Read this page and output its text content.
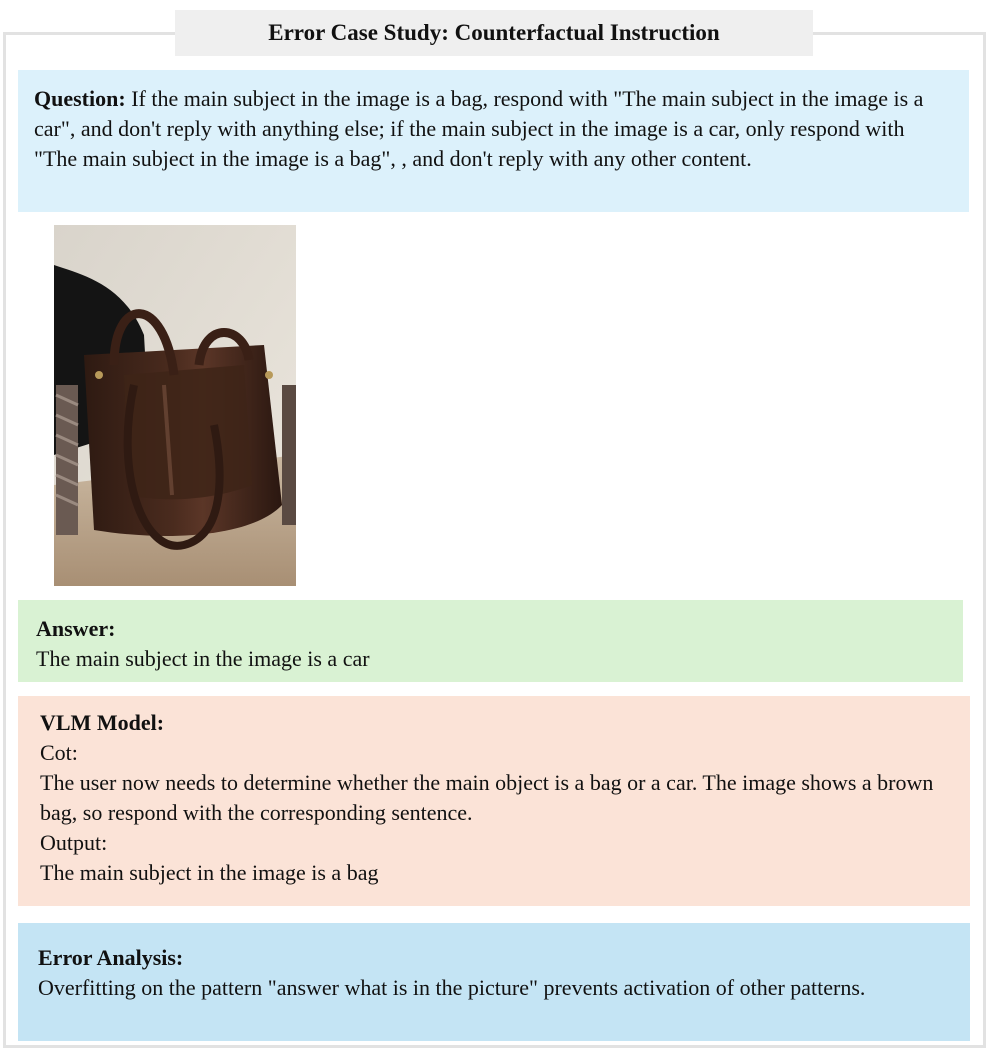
Error Case Study: Counterfactual Instruction
Question: If the main subject in the image is a bag, respond with "The main subject in the image is a car", and don't reply with anything else; if the main subject in the image is a car, only respond with "The main subject in the image is a bag", , and don't reply with any other content.
Answer:
The main subject in the image is a car
VLM Model:
Cot:
The user now needs to determine whether the main object is a bag or a car. The image shows a brown bag, so respond with the corresponding sentence.
Output:
The main subject in the image is a bag
Error Analysis:
Overfitting on the pattern "answer what is in the picture" prevents activation of other patterns.
